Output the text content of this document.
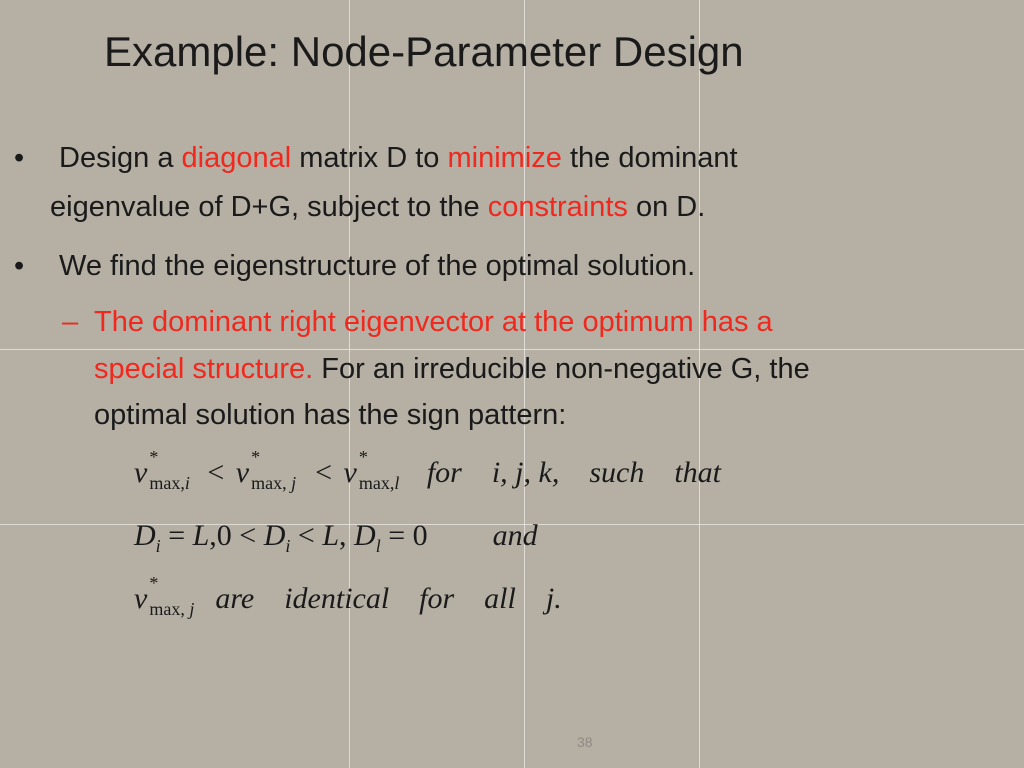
Example: Node-Parameter Design
• Design a diagonal matrix D to minimize the dominant
eigenvalue of D+G, subject to the constraints on D.
• We find the eigenstructure of the optimal solution.
– The dominant right eigenvector at the optimum has a
special structure. For an irreducible non-negative G, the
optimal solution has the sign pattern:
v *
max,i < v *
max, j < v *
max,l for    i, j, k,    such    that
$D_i = L,0 < D_i < L$, $D_l = 0$ and
v *
max, j are    identical    for    all    j.
38
